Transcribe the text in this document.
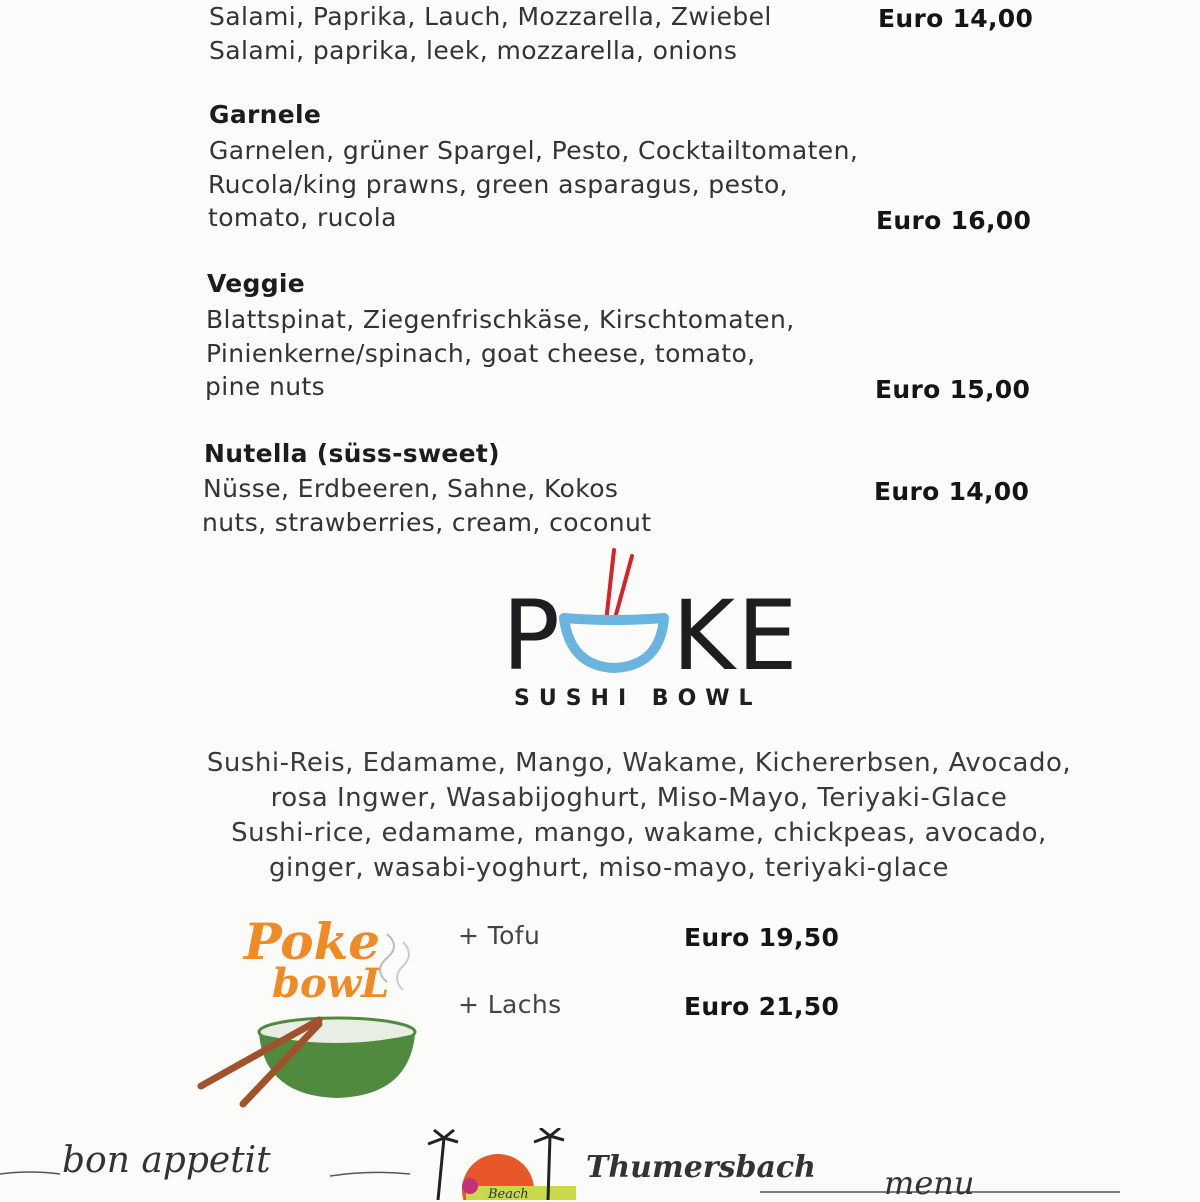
Salami, Paprika, Lauch, Mozzarella, Zwiebel
Salami, paprika, leek, mozzarella, onions
Euro 14,00
Garnele
Garnelen, grüner Spargel, Pesto, Cocktailtomaten,
Rucola/king prawns, green asparagus, pesto,
tomato, rucola	Euro 16,00
Veggie
Blattspinat, Ziegenfrischkäse, Kirschtomaten,
Pinienkerne/spinach, goat cheese, tomato,
pine nuts	Euro 15,00
Nutella (süss-sweet)
Nüsse, Erdbeeren, Sahne, Kokos
nuts, strawberries, cream, coconut
Euro 14,00
P KE
SUSHI BOWL
Sushi-Reis, Edamame, Mango, Wakame, Kichererbsen, Avocado,
rosa Ingwer, Wasabijoghurt, Miso-Mayo, Teriyaki-Glace
Sushi-rice, edamame, mango, wakame, chickpeas, avocado,
ginger, wasabi-yoghurt, miso-mayo, teriyaki-glace
Poke
bowL
+ Tofu	Euro 19,50
+ Lachs	Euro 21,50
bon appetit
Beach
Thumersbach menu
